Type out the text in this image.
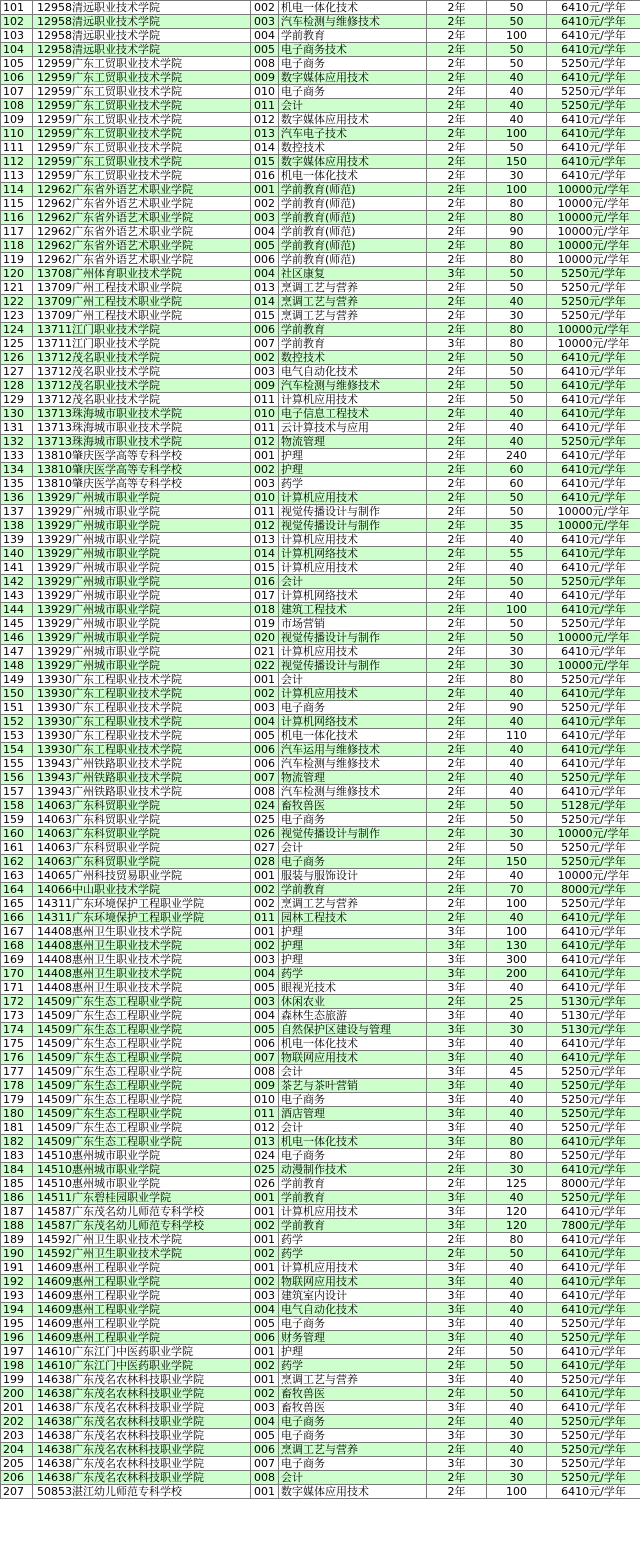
101	12958清远职业技术学院	002	机电一体化技术	2年	50	6410元/学年
102	12958清远职业技术学院	003	汽车检测与维修技术	2年	50	6410元/学年
103	12958清远职业技术学院	004	学前教育	2年	100	6410元/学年
104	12958清远职业技术学院	005	电子商务技术	2年	50	6410元/学年
105	12959广东工贸职业技术学院	008	电子商务	2年	50	5250元/学年
106	12959广东工贸职业技术学院	009	数字媒体应用技术	2年	40	6410元/学年
107	12959广东工贸职业技术学院	010	电子商务	2年	40	5250元/学年
108	12959广东工贸职业技术学院	011	会计	2年	40	5250元/学年
109	12959广东工贸职业技术学院	012	数字媒体应用技术	2年	40	6410元/学年
110	12959广东工贸职业技术学院	013	汽车电子技术	2年	100	6410元/学年
111	12959广东工贸职业技术学院	014	数控技术	2年	50	6410元/学年
112	12959广东工贸职业技术学院	015	数字媒体应用技术	2年	150	6410元/学年
113	12959广东工贸职业技术学院	016	机电一体化技术	2年	30	6410元/学年
114	12962广东省外语艺术职业学院	001	学前教育(师范)	2年	100	10000元/学年
115	12962广东省外语艺术职业学院	002	学前教育(师范)	2年	80	10000元/学年
116	12962广东省外语艺术职业学院	003	学前教育(师范)	2年	80	10000元/学年
117	12962广东省外语艺术职业学院	004	学前教育(师范)	2年	90	10000元/学年
118	12962广东省外语艺术职业学院	005	学前教育(师范)	2年	80	10000元/学年
119	12962广东省外语艺术职业学院	006	学前教育(师范)	2年	80	10000元/学年
120	13708广州体育职业技术学院	004	社区康复	3年	50	5250元/学年
121	13709广州工程技术职业学院	013	烹调工艺与营养	2年	50	5250元/学年
122	13709广州工程技术职业学院	014	烹调工艺与营养	2年	40	5250元/学年
123	13709广州工程技术职业学院	015	烹调工艺与营养	2年	30	5250元/学年
124	13711江门职业技术学院	006	学前教育	2年	80	10000元/学年
125	13711江门职业技术学院	007	学前教育	3年	80	10000元/学年
126	13712茂名职业技术学院	002	数控技术	2年	50	6410元/学年
127	13712茂名职业技术学院	003	电气自动化技术	2年	50	6410元/学年
128	13712茂名职业技术学院	009	汽车检测与维修技术	2年	50	6410元/学年
129	13712茂名职业技术学院	011	计算机应用技术	2年	50	6410元/学年
130	13713珠海城市职业技术学院	010	电子信息工程技术	2年	40	6410元/学年
131	13713珠海城市职业技术学院	011	云计算技术与应用	2年	40	6410元/学年
132	13713珠海城市职业技术学院	012	物流管理	2年	40	5250元/学年
133	13810肇庆医学高等专科学校	001	护理	2年	240	6410元/学年
134	13810肇庆医学高等专科学校	002	护理	2年	60	6410元/学年
135	13810肇庆医学高等专科学校	003	药学	2年	60	6410元/学年
136	13929广州城市职业学院	010	计算机应用技术	2年	50	6410元/学年
137	13929广州城市职业学院	011	视觉传播设计与制作	2年	50	10000元/学年
138	13929广州城市职业学院	012	视觉传播设计与制作	2年	35	10000元/学年
139	13929广州城市职业学院	013	计算机应用技术	2年	40	6410元/学年
140	13929广州城市职业学院	014	计算机网络技术	2年	55	6410元/学年
141	13929广州城市职业学院	015	计算机应用技术	2年	40	6410元/学年
142	13929广州城市职业学院	016	会计	2年	50	5250元/学年
143	13929广州城市职业学院	017	计算机网络技术	2年	40	6410元/学年
144	13929广州城市职业学院	018	建筑工程技术	2年	100	6410元/学年
145	13929广州城市职业学院	019	市场营销	2年	50	5250元/学年
146	13929广州城市职业学院	020	视觉传播设计与制作	2年	50	10000元/学年
147	13929广州城市职业学院	021	计算机应用技术	2年	30	6410元/学年
148	13929广州城市职业学院	022	视觉传播设计与制作	2年	30	10000元/学年
149	13930广东工程职业技术学院	001	会计	2年	80	5250元/学年
150	13930广东工程职业技术学院	002	计算机应用技术	2年	40	6410元/学年
151	13930广东工程职业技术学院	003	电子商务	2年	90	5250元/学年
152	13930广东工程职业技术学院	004	计算机网络技术	2年	40	6410元/学年
153	13930广东工程职业技术学院	005	机电一体化技术	2年	110	6410元/学年
154	13930广东工程职业技术学院	006	汽车运用与维修技术	2年	40	6410元/学年
155	13943广州铁路职业技术学院	006	汽车检测与维修技术	2年	40	6410元/学年
156	13943广州铁路职业技术学院	007	物流管理	2年	40	5250元/学年
157	13943广州铁路职业技术学院	008	汽车检测与维修技术	2年	40	6410元/学年
158	14063广东科贸职业学院	024	畜牧兽医	2年	50	5128元/学年
159	14063广东科贸职业学院	025	电子商务	2年	50	5250元/学年
160	14063广东科贸职业学院	026	视觉传播设计与制作	2年	30	10000元/学年
161	14063广东科贸职业学院	027	会计	2年	50	5250元/学年
162	14063广东科贸职业学院	028	电子商务	2年	150	5250元/学年
163	14065广州科技贸易职业学院	001	服装与服饰设计	2年	40	10000元/学年
164	14066中山职业技术学院	002	学前教育	2年	70	8000元/学年
165	14311广东环境保护工程职业学院	002	烹调工艺与营养	2年	100	5250元/学年
166	14311广东环境保护工程职业学院	011	园林工程技术	2年	40	6410元/学年
167	14408惠州卫生职业技术学院	001	护理	3年	100	6410元/学年
168	14408惠州卫生职业技术学院	002	护理	3年	130	6410元/学年
169	14408惠州卫生职业技术学院	003	护理	3年	300	6410元/学年
170	14408惠州卫生职业技术学院	004	药学	3年	200	6410元/学年
171	14408惠州卫生职业技术学院	005	眼视光技术	3年	40	6410元/学年
172	14509广东生态工程职业学院	003	休闲农业	2年	25	5130元/学年
173	14509广东生态工程职业学院	004	森林生态旅游	3年	40	5130元/学年
174	14509广东生态工程职业学院	005	自然保护区建设与管理	3年	30	5130元/学年
175	14509广东生态工程职业学院	006	机电一体化技术	3年	40	6410元/学年
176	14509广东生态工程职业学院	007	物联网应用技术	3年	40	6410元/学年
177	14509广东生态工程职业学院	008	会计	3年	45	5250元/学年
178	14509广东生态工程职业学院	009	茶艺与茶叶营销	3年	40	5250元/学年
179	14509广东生态工程职业学院	010	电子商务	3年	40	5250元/学年
180	14509广东生态工程职业学院	011	酒店管理	3年	40	5250元/学年
181	14509广东生态工程职业学院	012	会计	3年	40	5250元/学年
182	14509广东生态工程职业学院	013	机电一体化技术	3年	80	6410元/学年
183	14510惠州城市职业学院	024	电子商务	2年	80	5250元/学年
184	14510惠州城市职业学院	025	动漫制作技术	2年	30	6410元/学年
185	14510惠州城市职业学院	026	学前教育	2年	125	8000元/学年
186	14511广东碧桂园职业学院	001	学前教育	3年	40	5250元/学年
187	14587广东茂名幼儿师范专科学校	001	计算机应用技术	3年	120	6410元/学年
188	14587广东茂名幼儿师范专科学校	002	学前教育	3年	120	7800元/学年
189	14592广州卫生职业技术学院	001	药学	2年	80	6410元/学年
190	14592广州卫生职业技术学院	002	药学	2年	50	6410元/学年
191	14609惠州工程职业学院	001	计算机应用技术	3年	40	6410元/学年
192	14609惠州工程职业学院	002	物联网应用技术	3年	40	6410元/学年
193	14609惠州工程职业学院	003	建筑室内设计	3年	40	6410元/学年
194	14609惠州工程职业学院	004	电气自动化技术	3年	40	6410元/学年
195	14609惠州工程职业学院	005	电子商务	3年	40	5250元/学年
196	14609惠州工程职业学院	006	财务管理	3年	40	5250元/学年
197	14610广东江门中医药职业学院	001	护理	2年	50	6410元/学年
198	14610广东江门中医药职业学院	002	药学	2年	50	6410元/学年
199	14638广东茂名农林科技职业学院	001	烹调工艺与营养	3年	40	5250元/学年
200	14638广东茂名农林科技职业学院	002	畜牧兽医	2年	50	6410元/学年
201	14638广东茂名农林科技职业学院	003	畜牧兽医	3年	40	6410元/学年
202	14638广东茂名农林科技职业学院	004	电子商务	2年	40	5250元/学年
203	14638广东茂名农林科技职业学院	005	电子商务	3年	30	5250元/学年
204	14638广东茂名农林科技职业学院	006	烹调工艺与营养	2年	40	5250元/学年
205	14638广东茂名农林科技职业学院	007	电子商务	3年	30	5250元/学年
206	14638广东茂名农林科技职业学院	008	会计	2年	30	5250元/学年
207	50853湛江幼儿师范专科学校	001	数字媒体应用技术	2年	100	6410元/学年
